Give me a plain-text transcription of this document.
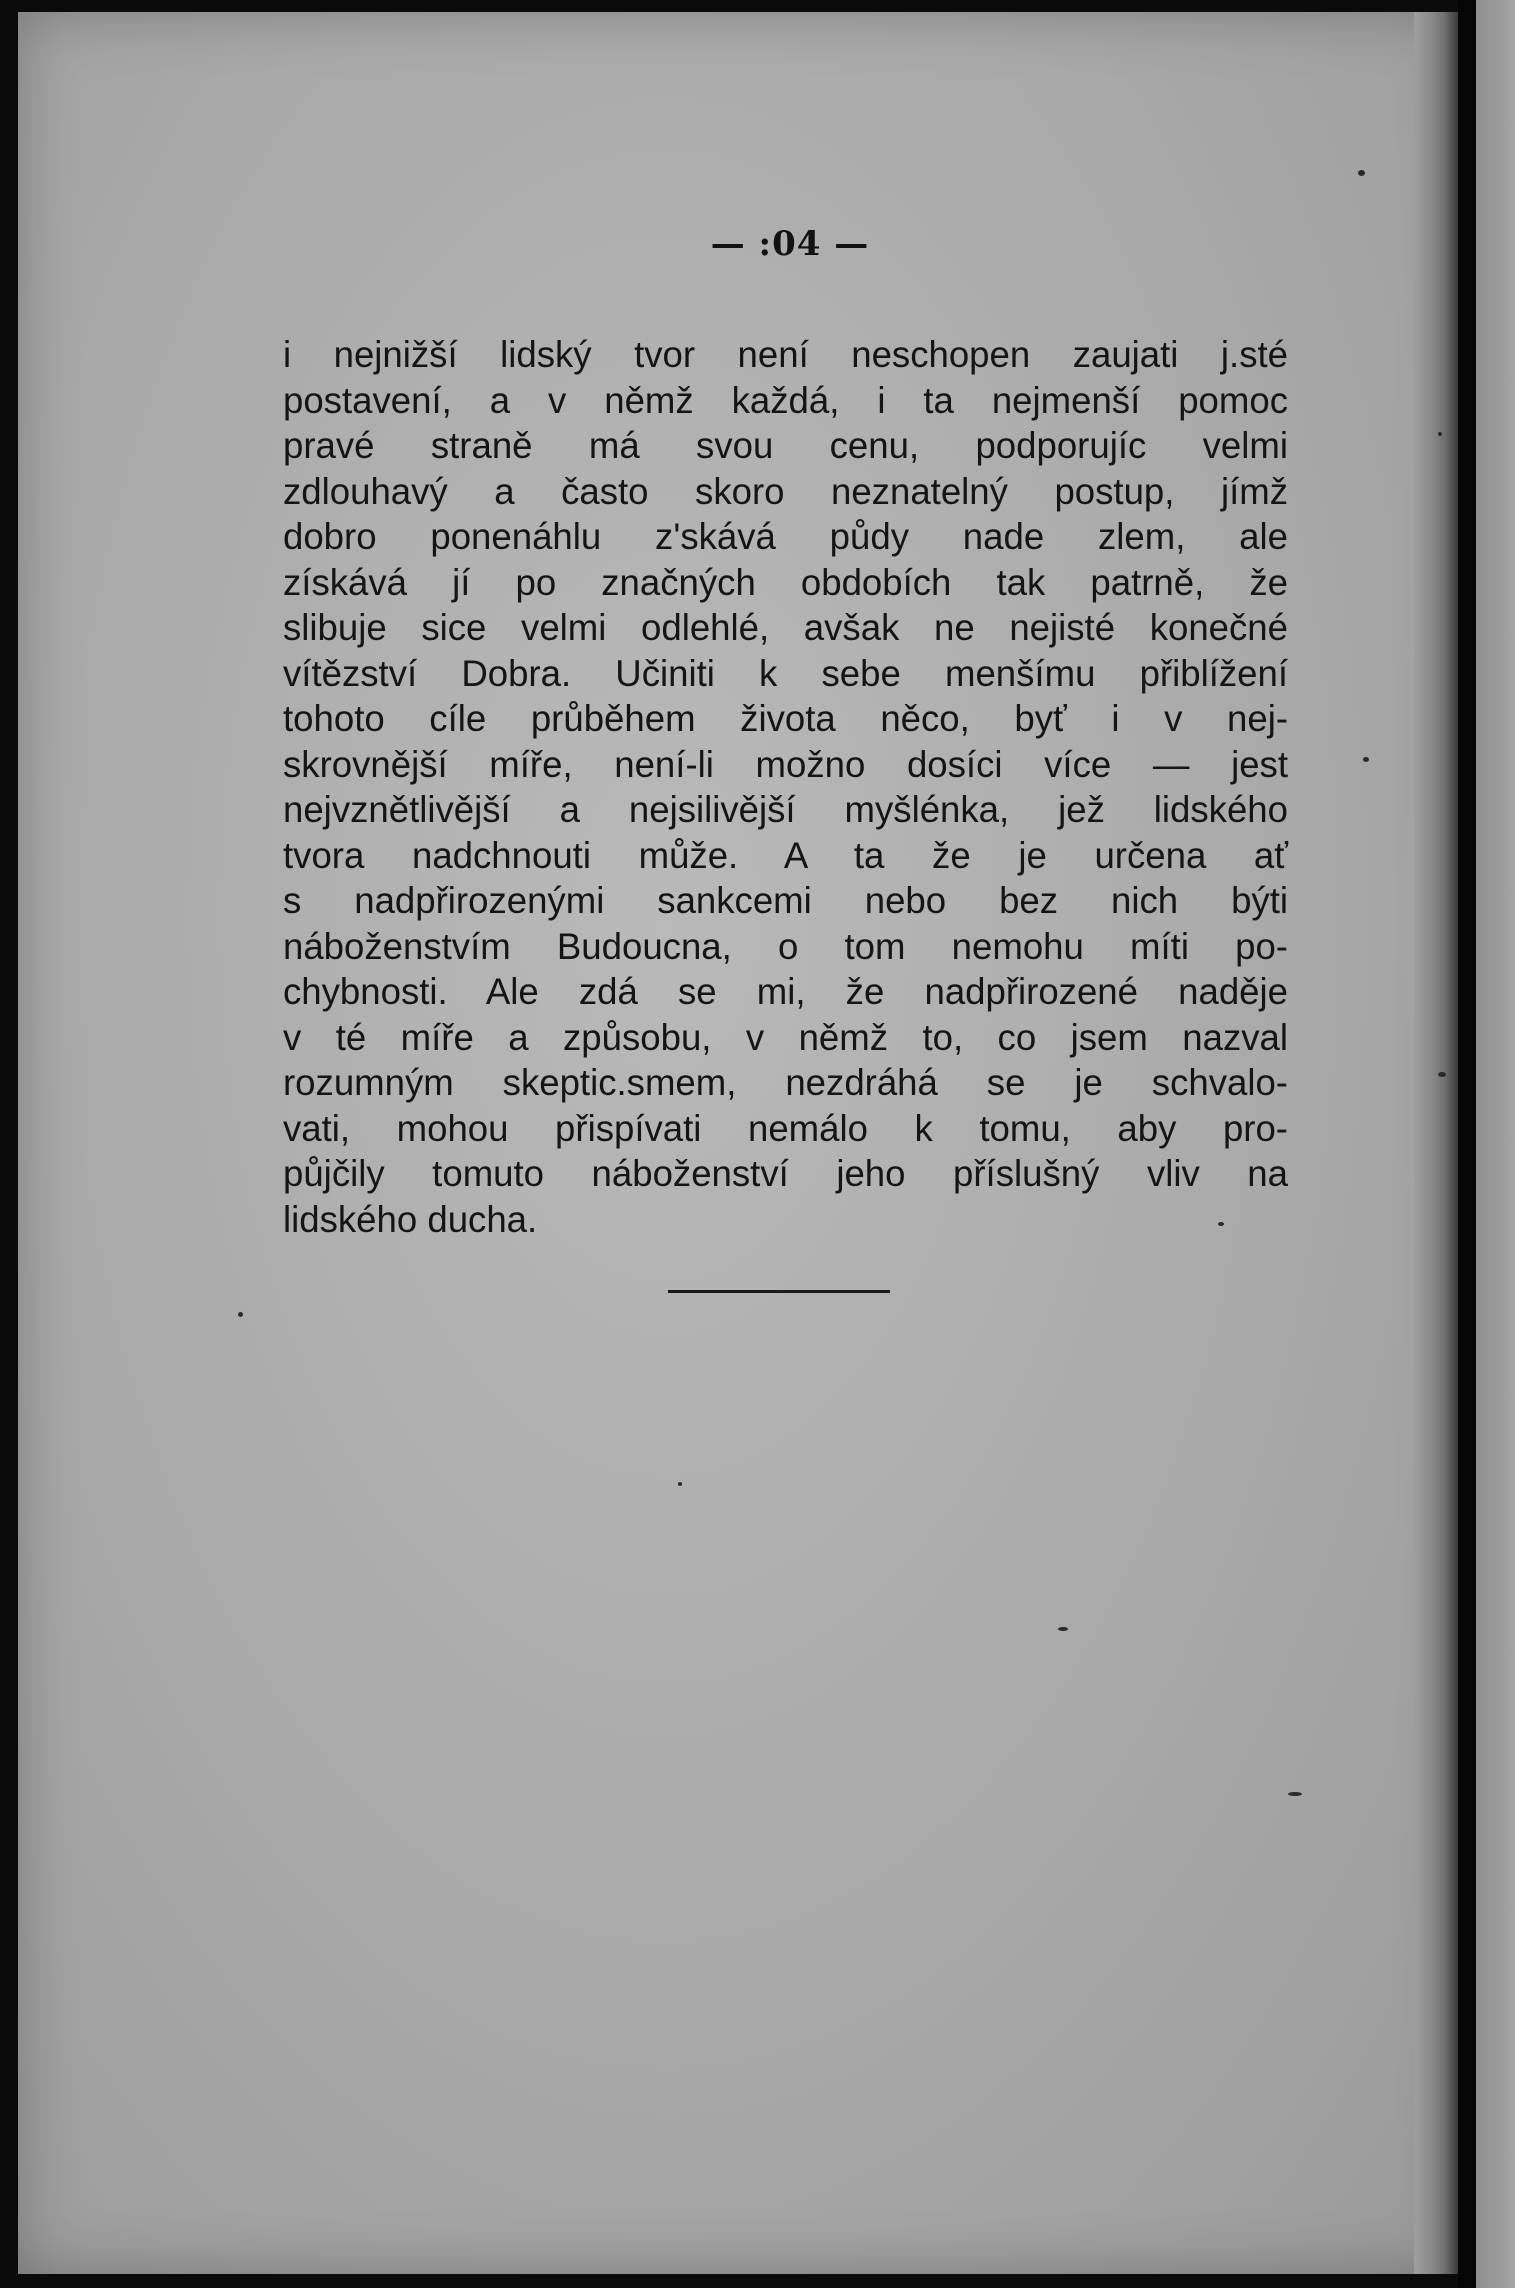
— :04 —
i nejnižší lidský tvor není neschopen zaujati j.sté
postavení, a v němž každá, i ta nejmenší pomoc
pravé straně má svou cenu, podporujíc velmi
zdlouhavý a často skoro neznatelný postup, jímž
dobro ponenáhlu z'skává půdy nade zlem, ale
získává jí po značných obdobích tak patrně, že
slibuje sice velmi odlehlé, avšak ne nejisté konečné
vítězství Dobra. Učiniti k sebe menšímu přiblížení
tohoto cíle průběhem života něco, byť i v nej-
skrovnější míře, není-li možno dosíci více — jest
nejvznětlivější a nejsilivější myšlénka, jež lidského
tvora nadchnouti může. A ta že je určena ať
s nadpřirozenými sankcemi nebo bez nich býti
náboženstvím Budoucna, o tom nemohu míti po-
chybnosti. Ale zdá se mi, že nadpřirozené naděje
v té míře a způsobu, v němž to, co jsem nazval
rozumným skeptic.smem, nezdráhá se je schvalo-
vati, mohou přispívati nemálo k tomu, aby pro-
půjčily tomuto náboženství jeho příslušný vliv na
lidského ducha.
